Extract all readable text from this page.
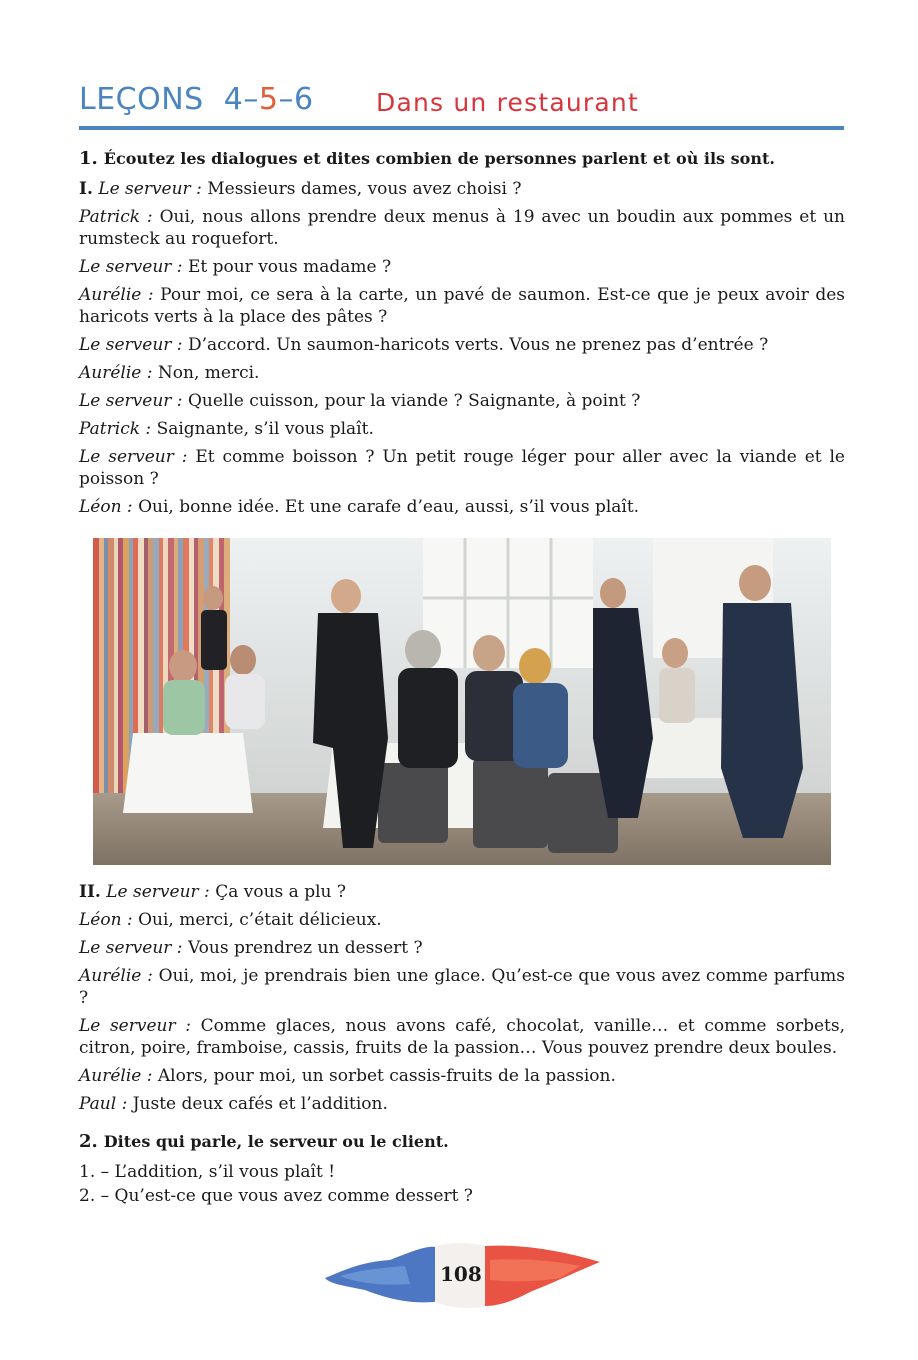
LEÇONS 4–5–6 Dans un restaurant
1. Écoutez les dialogues et dites combien de personnes parlent et où ils sont.
I. Le serveur : Messieurs dames, vous avez choisi ?
Patrick : Oui, nous allons prendre deux menus à 19 avec un boudin aux pommes et un rumsteck au roquefort.
Le serveur : Et pour vous madame ?
Aurélie : Pour moi, ce sera à la carte, un pavé de saumon. Est-ce que je peux avoir des haricots verts à la place des pâtes ?
Le serveur : D’accord. Un saumon-haricots verts. Vous ne prenez pas d’entrée ?
Aurélie : Non, merci.
Le serveur : Quelle cuisson, pour la viande ? Saignante, à point ?
Patrick : Saignante, s’il vous plaît.
Le serveur : Et comme boisson ? Un petit rouge léger pour aller avec la viande et le poisson ?
Léon : Oui, bonne idée. Et une carafe d’eau, aussi, s’il vous plaît.
II. Le serveur : Ça vous a plu ?
Léon : Oui, merci, c’était délicieux.
Le serveur : Vous prendrez un dessert ?
Aurélie : Oui, moi, je prendrais bien une glace. Qu’est-ce que vous avez comme parfums ?
Le serveur : Comme glaces, nous avons café, chocolat, vanille… et comme sorbets, citron, poire, framboise, cassis, fruits de la passion… Vous pouvez prendre deux boules.
Aurélie : Alors, pour moi, un sorbet cassis-fruits de la passion.
Paul : Juste deux cafés et l’addition.
2. Dites qui parle, le serveur ou le client.
1. – L’addition, s’il vous plaît !
2. – Qu’est-ce que vous avez comme dessert ?
108
